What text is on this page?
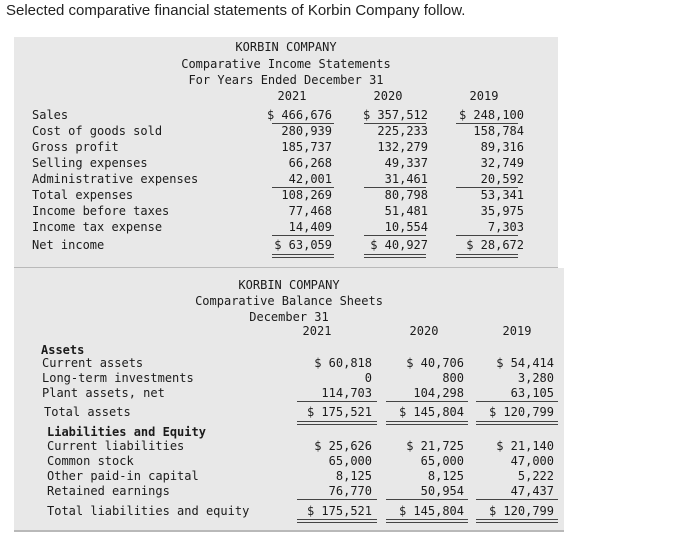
Selected comparative financial statements of Korbin Company follow.
KORBIN COMPANY
Comparative Income Statements
For Years Ended December 31
2021	2020	2019
Sales	$ 466,676	$ 357,512	$ 248,100
Cost of goods sold	280,939	225,233	158,784
Gross profit	185,737	132,279	89,316
Selling expenses	66,268	49,337	32,749
Administrative expenses	42,001	31,461	20,592
Total expenses	108,269	80,798	53,341
Income before taxes	77,468	51,481	35,975
Income tax expense	14,409	10,554	7,303
Net income	$ 63,059	$ 40,927	$ 28,672
KORBIN COMPANY
Comparative Balance Sheets
December 31
2021	2020	2019
Assets
Liabilities and Equity
Current assets	$ 60,818	$ 40,706	$ 54,414
Long-term investments	0	800	3,280
Plant assets, net	114,703	104,298	63,105
Total assets	$ 175,521	$ 145,804	$ 120,799
Current liabilities	$ 25,626	$ 21,725	$ 21,140
Common stock	65,000	65,000	47,000
Other paid-in capital	8,125	8,125	5,222
Retained earnings	76,770	50,954	47,437
Total liabilities and equity	$ 175,521	$ 145,804	$ 120,799
